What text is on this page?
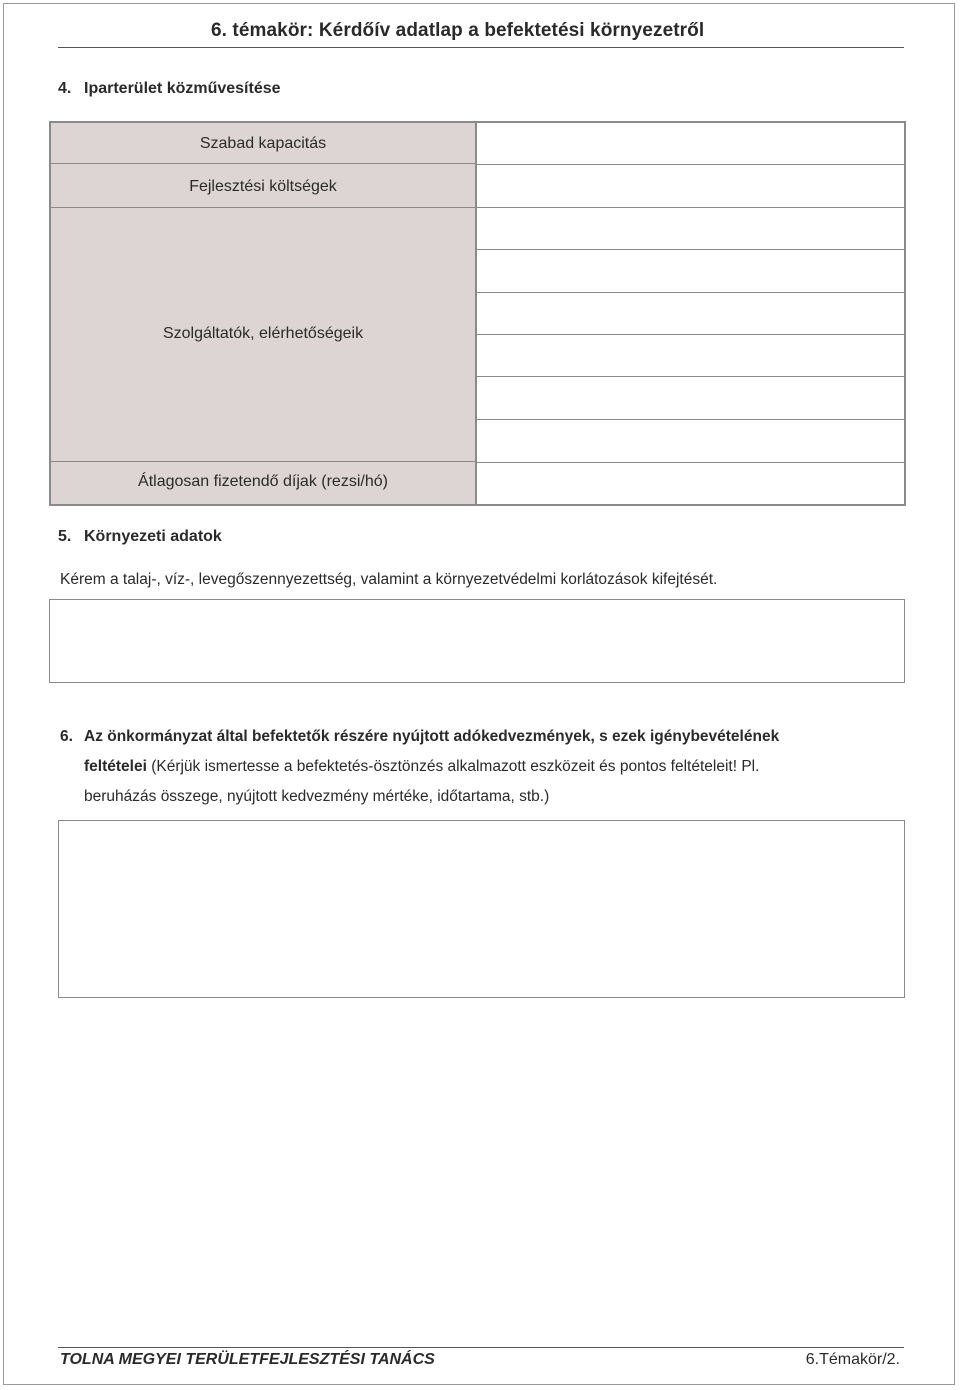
6. témakör: Kérdőív adatlap a befektetési környezetről
4. Iparterület közművesítése
Szabad kapacitás
Fejlesztési költségek
Szolgáltatók, elérhetőségeik
Átlagosan fizetendő díjak (rezsi/hó)
5. Környezeti adatok
Kérem a talaj-, víz-, levegőszennyezettség, valamint a környezetvédelmi korlátozások kifejtését.
6. Az önkormányzat által befektetők részére nyújtott adókedvezmények, s ezek igénybevételének
feltételei (Kérjük ismertesse a befektetés-ösztönzés alkalmazott eszközeit és pontos feltételeit! Pl.
beruházás összege, nyújtott kedvezmény mértéke, időtartama, stb.)
TOLNA MEGYEI TERÜLETFEJLESZTÉSI TANÁCS	6.Témakör/2.
